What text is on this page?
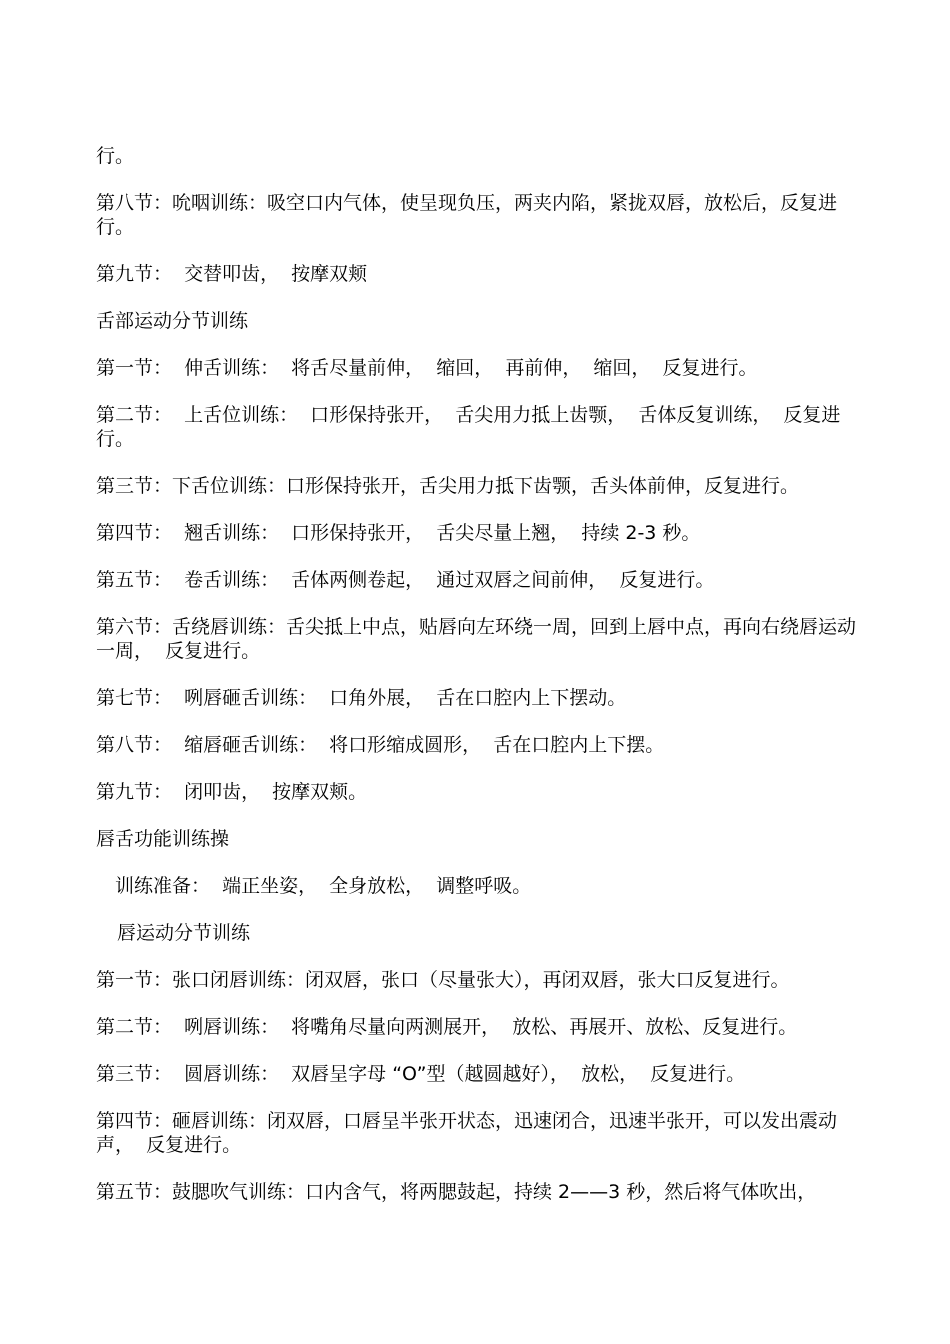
行。

第八节：吮咽训练：吸空口内气体，使呈现负压，两夹内陷，紧拢双唇，放松后，反复进行。

第九节：  交替叩齿，  按摩双颊

舌部运动分节训练

第一节：  伸舌训练：  将舌尽量前伸，  缩回，  再前伸，  缩回，  反复进行。

第二节：  上舌位训练：  口形保持张开，  舌尖用力抵上齿颚，  舌体反复训练，  反复进行。

第三节：下舌位训练：口形保持张开，舌尖用力抵下齿颚，舌头体前伸，反复进行。

第四节：  翘舌训练：  口形保持张开，  舌尖尽量上翘，  持续 2-3 秒。

第五节：  卷舌训练：  舌体两侧卷起，  通过双唇之间前伸，  反复进行。

第六节：舌绕唇训练：舌尖抵上中点，贴唇向左环绕一周，回到上唇中点，再向右绕唇运动一周，  反复进行。

第七节：  咧唇砸舌训练：  口角外展，  舌在口腔内上下摆动。

第八节：  缩唇砸舌训练：  将口形缩成圆形，  舌在口腔内上下摆。

第九节：  闭叩齿，  按摩双颊。

唇舌功能训练操

训练准备：  端正坐姿，  全身放松，  调整呼吸。

唇运动分节训练

第一节：张口闭唇训练：闭双唇，张口（尽量张大），再闭双唇，张大口反复进行。

第二节：  咧唇训练：  将嘴角尽量向两测展开，  放松、再展开、放松、反复进行。

第三节：  圆唇训练：  双唇呈字母 “O”型（越圆越好），  放松，  反复进行。

第四节：砸唇训练：闭双唇，口唇呈半张开状态，迅速闭合，迅速半张开，可以发出震动声，  反复进行。

第五节：鼓腮吹气训练：口内含气，将两腮鼓起，持续 2——3 秒，然后将气体吹出，
